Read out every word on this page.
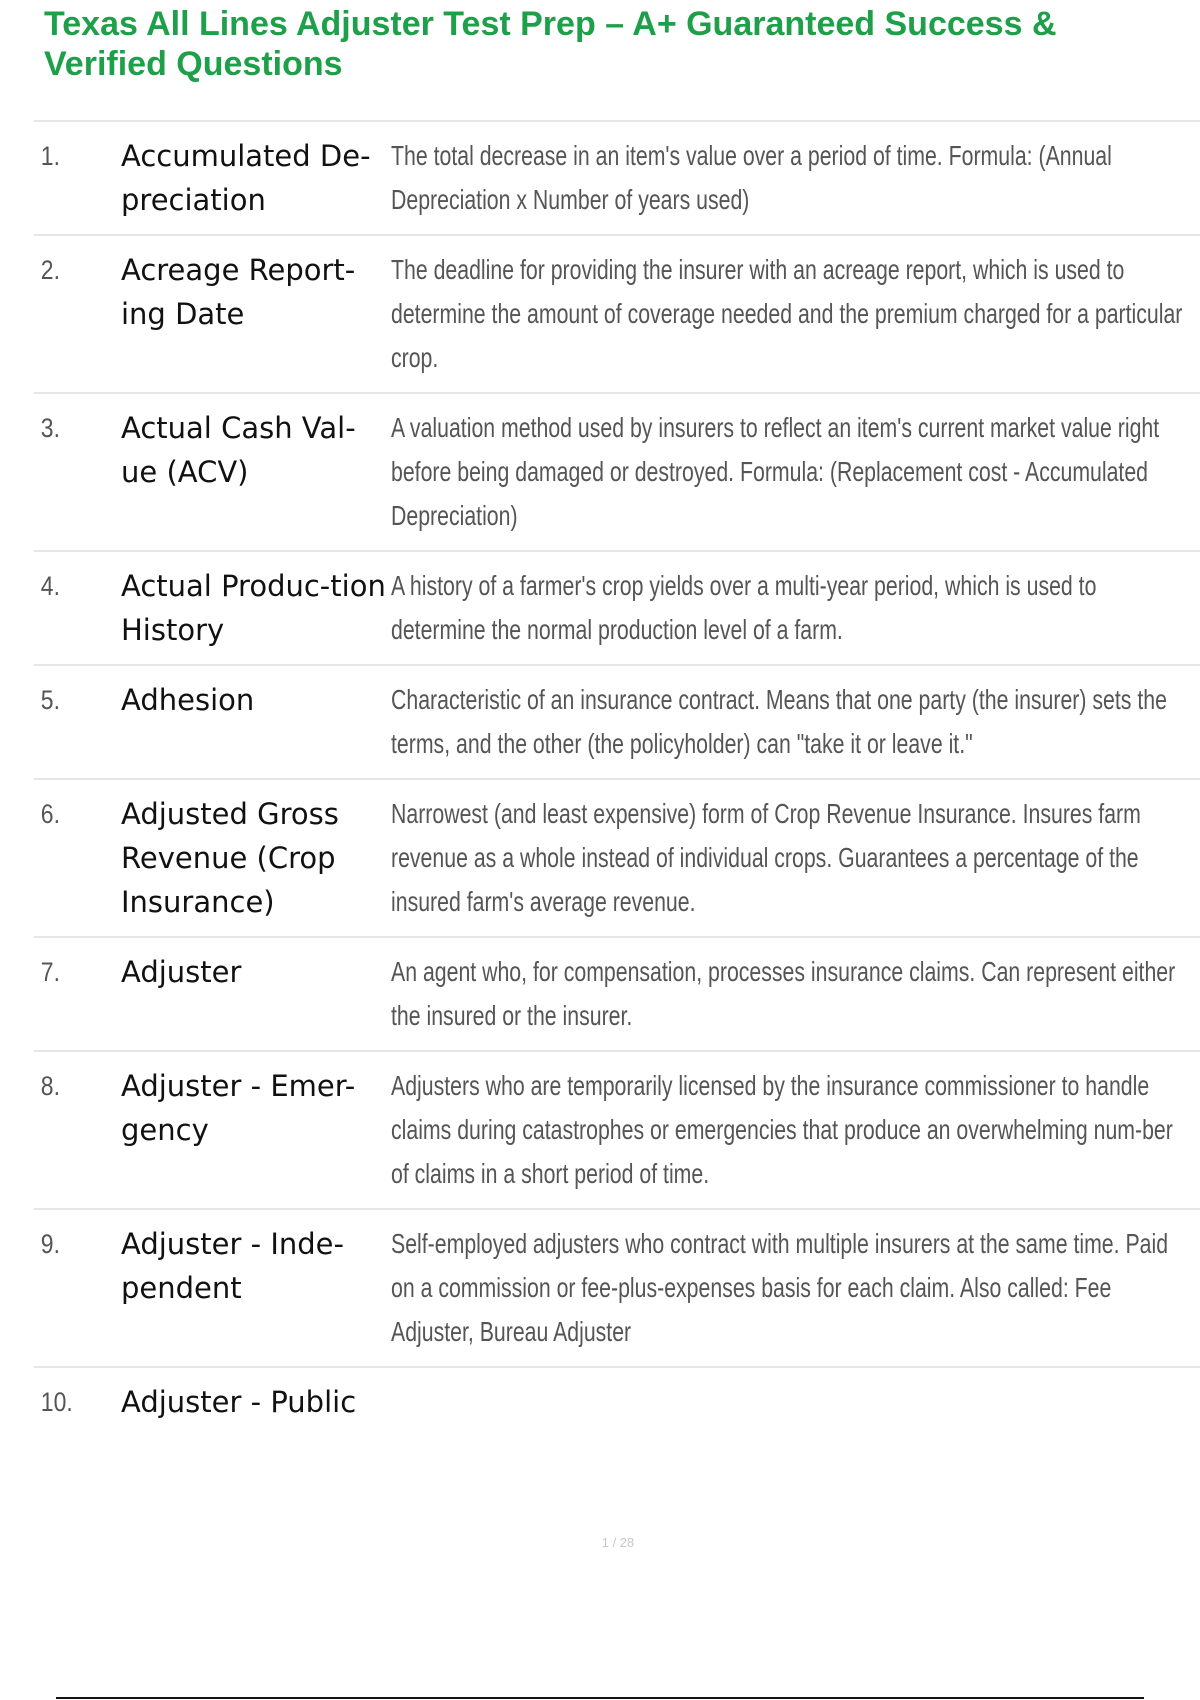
Texas All Lines Adjuster Test Prep – A+ Guaranteed Success & Verified Questions
1.	Accumulated De-preciation
The total decrease in an item's value over a period of time. Formula: (Annual Depreciation x Number of years used)
2.	Acreage Report-ing Date
The deadline for providing the insurer with an acreage report, which is used to determine the amount of coverage needed and the premium charged for a particular crop.
3.	Actual Cash Val-ue (ACV)
A valuation method used by insurers to reflect an item's current market value right before being damaged or destroyed. Formula: (Replacement cost - Accumulated Depreciation)
4.	Actual Produc-tion History
A history of a farmer's crop yields over a multi-year period, which is used to determine the normal production level of a farm.
5.	Adhesion	Characteristic of an insurance contract. Means that one party (the insurer) sets the terms, and the other (the policyholder) can "take it or leave it."
6.	Adjusted Gross Revenue (Crop Insurance)
Narrowest (and least expensive) form of Crop Revenue Insurance. Insures farm revenue as a whole instead of individual crops. Guarantees a percentage of the insured farm's average revenue.
7.	Adjuster	An agent who, for compensation, processes insurance claims. Can represent either the insured or the insurer.
8.	Adjuster - Emer-gency
Adjusters who are temporarily licensed by the insurance commissioner to handle claims during catastrophes or emergencies that produce an overwhelming num-ber of claims in a short period of time.
9.	Adjuster - Inde-pendent
Self-employed adjusters who contract with multiple insurers at the same time. Paid on a commission or fee-plus-expenses basis for each claim. Also called: Fee Adjuster, Bureau Adjuster
10.	Adjuster - Public
1 / 28
